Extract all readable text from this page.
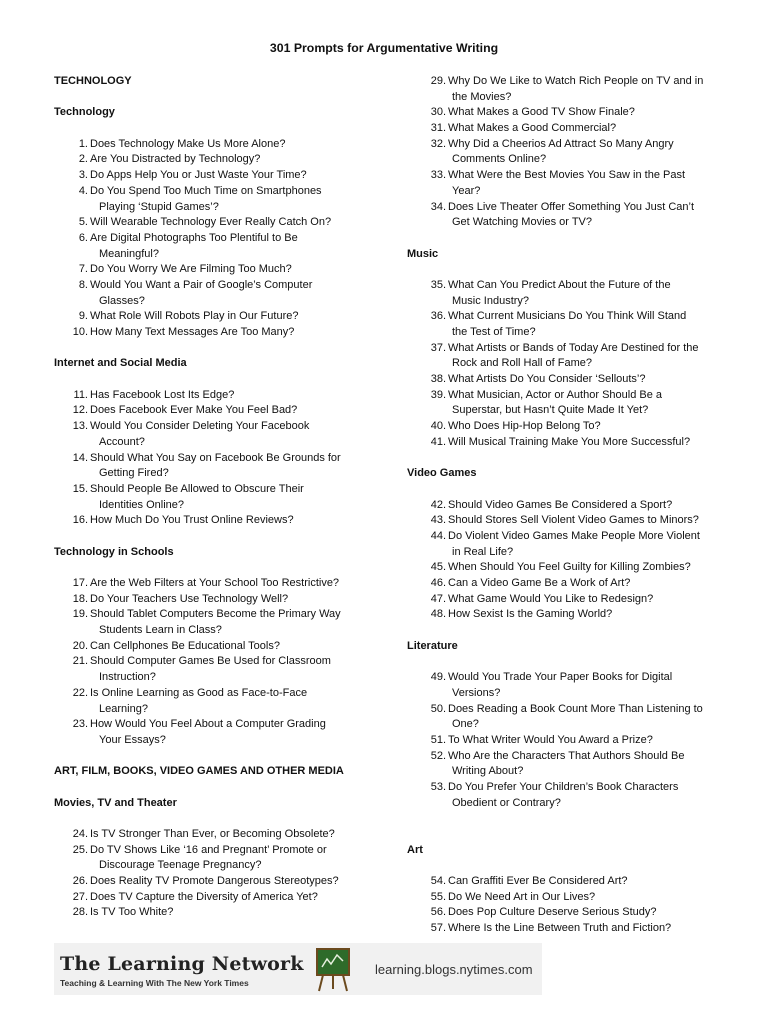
301 Prompts for Argumentative Writing
TECHNOLOGY
Technology
1. Does Technology Make Us More Alone?
2. Are You Distracted by Technology?
3. Do Apps Help You or Just Waste Your Time?
4. Do You Spend Too Much Time on Smartphones
Playing ‘Stupid Games’?
5. Will Wearable Technology Ever Really Catch On?
6. Are Digital Photographs Too Plentiful to Be
Meaningful?
7. Do You Worry We Are Filming Too Much?
8. Would You Want a Pair of Google’s Computer
Glasses?
9. What Role Will Robots Play in Our Future?
10. How Many Text Messages Are Too Many?
Internet and Social Media
11. Has Facebook Lost Its Edge?
12. Does Facebook Ever Make You Feel Bad?
13. Would You Consider Deleting Your Facebook
Account?
14. Should What You Say on Facebook Be Grounds for
Getting Fired?
15. Should People Be Allowed to Obscure Their
Identities Online?
16. How Much Do You Trust Online Reviews?
Technology in Schools
17. Are the Web Filters at Your School Too Restrictive?
18. Do Your Teachers Use Technology Well?
19. Should Tablet Computers Become the Primary Way
Students Learn in Class?
20. Can Cellphones Be Educational Tools?
21. Should Computer Games Be Used for Classroom
Instruction?
22. Is Online Learning as Good as Face-to-Face
Learning?
23. How Would You Feel About a Computer Grading
Your Essays?
ART, FILM, BOOKS, VIDEO GAMES AND OTHER MEDIA
Movies, TV and Theater
24. Is TV Stronger Than Ever, or Becoming Obsolete?
25. Do TV Shows Like ‘16 and Pregnant’ Promote or
Discourage Teenage Pregnancy?
26. Does Reality TV Promote Dangerous Stereotypes?
27. Does TV Capture the Diversity of America Yet?
28. Is TV Too White?
29. Why Do We Like to Watch Rich People on TV and in
the Movies?
30. What Makes a Good TV Show Finale?
31. What Makes a Good Commercial?
32. Why Did a Cheerios Ad Attract So Many Angry
Comments Online?
33. What Were the Best Movies You Saw in the Past
Year?
34. Does Live Theater Offer Something You Just Can’t
Get Watching Movies or TV?
Music
35. What Can You Predict About the Future of the
Music Industry?
36. What Current Musicians Do You Think Will Stand
the Test of Time?
37. What Artists or Bands of Today Are Destined for the
Rock and Roll Hall of Fame?
38. What Artists Do You Consider ‘Sellouts’?
39. What Musician, Actor or Author Should Be a
Superstar, but Hasn’t Quite Made It Yet?
40. Who Does Hip-Hop Belong To?
41. Will Musical Training Make You More Successful?
Video Games
42. Should Video Games Be Considered a Sport?
43. Should Stores Sell Violent Video Games to Minors?
44. Do Violent Video Games Make People More Violent
in Real Life?
45. When Should You Feel Guilty for Killing Zombies?
46. Can a Video Game Be a Work of Art?
47. What Game Would You Like to Redesign?
48. How Sexist Is the Gaming World?
Literature
49. Would You Trade Your Paper Books for Digital
Versions?
50. Does Reading a Book Count More Than Listening to
One?
51. To What Writer Would You Award a Prize?
52. Who Are the Characters That Authors Should Be
Writing About?
53. Do You Prefer Your Children’s Book Characters
Obedient or Contrary?
Art
54. Can Graffiti Ever Be Considered Art?
55. Do We Need Art in Our Lives?
56. Does Pop Culture Deserve Serious Study?
57. Where Is the Line Between Truth and Fiction?
The Learning Network
Teaching & Learning With The New York Times
learning.blogs.nytimes.com
